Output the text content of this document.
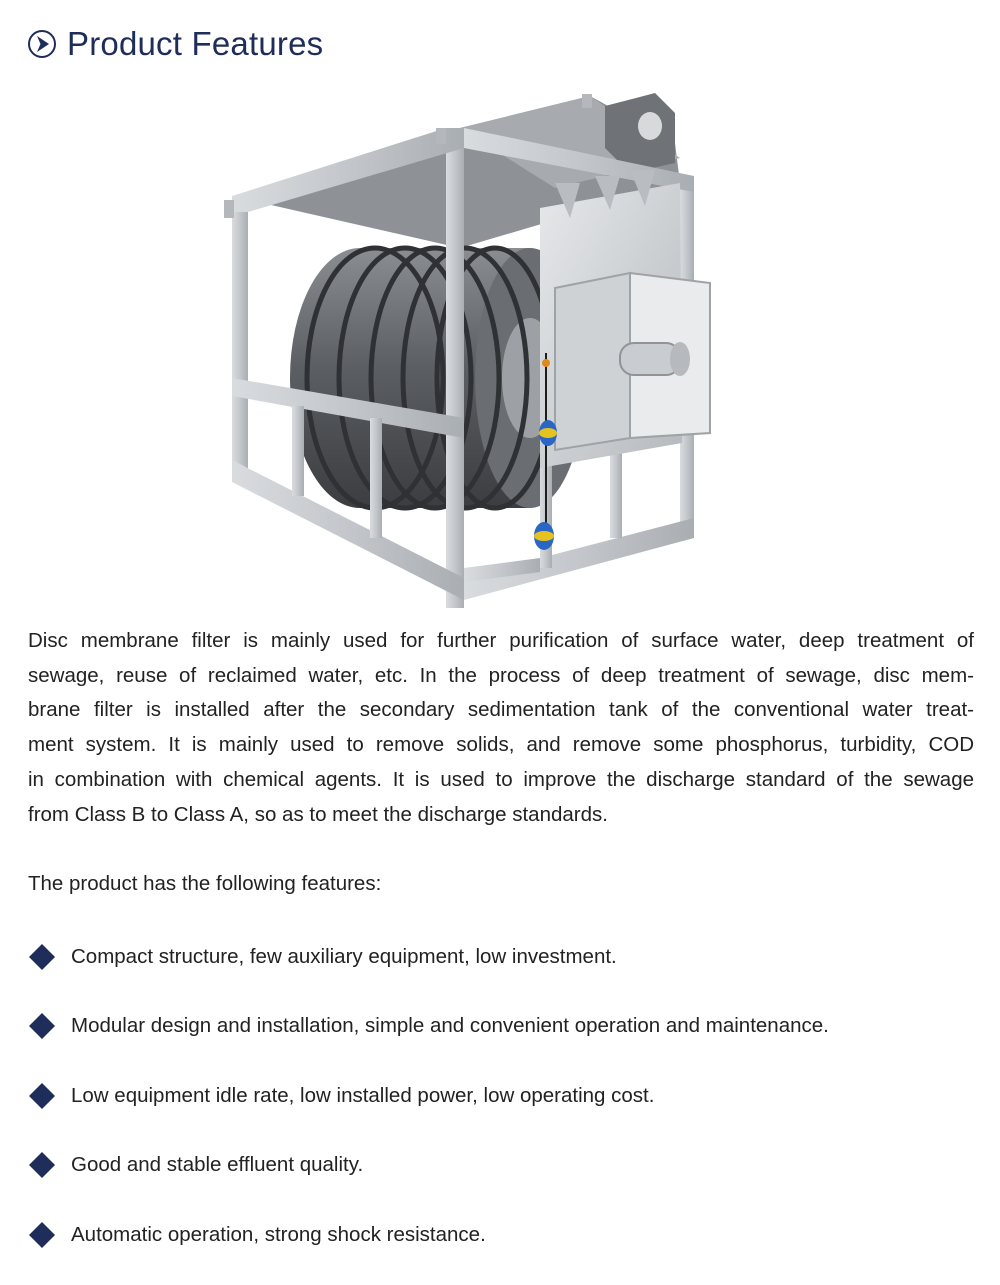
Product Features

Disc membrane filter is mainly used for further purification of surface water, deep treatment of
sewage, reuse of reclaimed water, etc. In the process of deep treatment of sewage, disc mem-
brane filter is installed after the secondary sedimentation tank of the conventional water treat-
ment system. It is mainly used to remove solids, and remove some phosphorus, turbidity, COD
in combination with chemical agents. It is used to improve the discharge standard of the sewage
from Class B to Class A, so as to meet the discharge standards.

The product has the following features:

Compact structure, few auxiliary equipment, low investment.
Modular design and installation, simple and convenient operation and maintenance.
Low equipment idle rate, low installed power, low operating cost.
Good and stable effluent quality.
Automatic operation, strong shock resistance.
